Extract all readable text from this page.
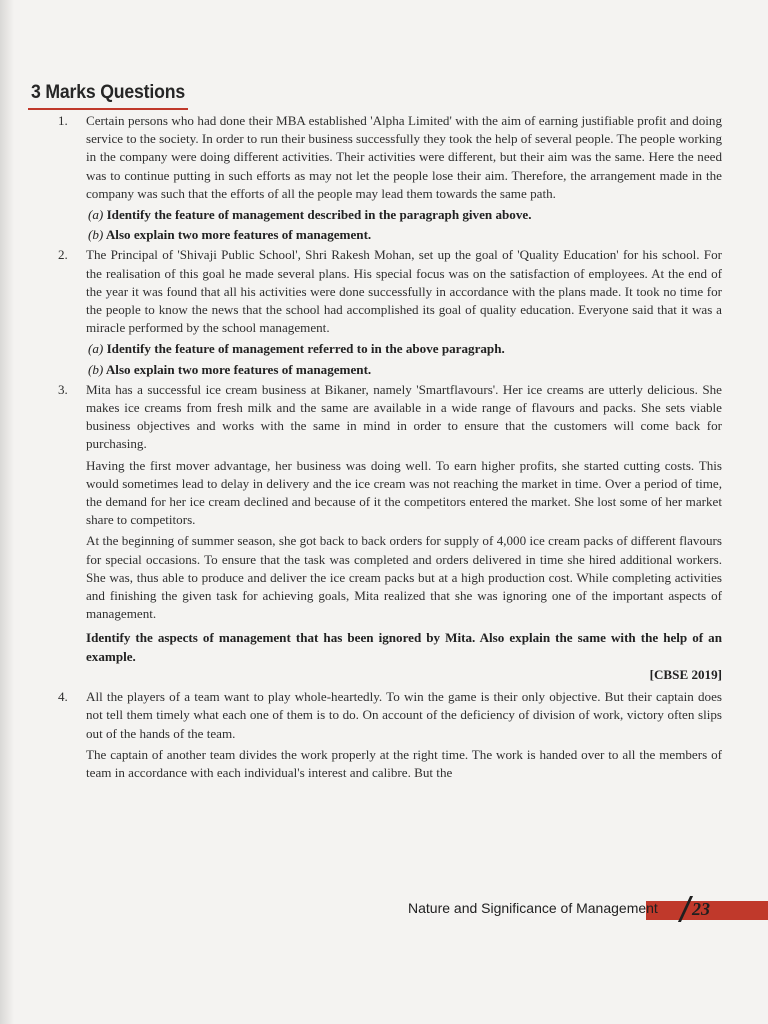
3 Marks Questions
1.	Certain persons who had done their MBA established 'Alpha Limited' with the aim of earning justifiable profit and doing service to the society. In order to run their business successfully they took the help of several people. The people working in the company were doing different activities. Their activities were different, but their aim was the same. Here the need was to continue putting in such efforts as may not let the people lose their aim. Therefore, the arrangement made in the company was such that the efforts of all the people may lead them towards the same path.

(a) Identify the feature of management described in the paragraph given above.
(b) Also explain two more features of management.
2.	The Principal of 'Shivaji Public School', Shri Rakesh Mohan, set up the goal of 'Quality Education' for his school. For the realisation of this goal he made several plans. His special focus was on the satisfaction of employees. At the end of the year it was found that all his activities were done successfully in accordance with the plans made. It took no time for the people to know the news that the school had accomplished its goal of quality education. Everyone said that it was a miracle performed by the school management.

(a) Identify the feature of management referred to in the above paragraph.
(b) Also explain two more features of management.
3.	Mita has a successful ice cream business at Bikaner, namely 'Smartflavours'. Her ice creams are utterly delicious. She makes ice creams from fresh milk and the same are available in a wide range of flavours and packs. She sets viable business objectives and works with the same in mind in order to ensure that the customers will come back for purchasing.

Having the first mover advantage, her business was doing well. To earn higher profits, she started cutting costs. This would sometimes lead to delay in delivery and the ice cream was not reaching the market in time. Over a period of time, the demand for her ice cream declined and because of it the competitors entered the market. She lost some of her market share to competitors.

At the beginning of summer season, she got back to back orders for supply of 4,000 ice cream packs of different flavours for special occasions. To ensure that the task was completed and orders delivered in time she hired additional workers. She was, thus able to produce and deliver the ice cream packs but at a high production cost. While completing activities and finishing the given task for achieving goals, Mita realized that she was ignoring one of the important aspects of management.

Identify the aspects of management that has been ignored by Mita. Also explain the same with the help of an example.

[CBSE 2019]
4.	All the players of a team want to play whole-heartedly. To win the game is their only objective. But their captain does not tell them timely what each one of them is to do. On account of the deficiency of division of work, victory often slips out of the hands of the team.

The captain of another team divides the work properly at the right time. The work is handed over to all the members of team in accordance with each individual's interest and calibre. But the

Nature and Significance of Management 23
